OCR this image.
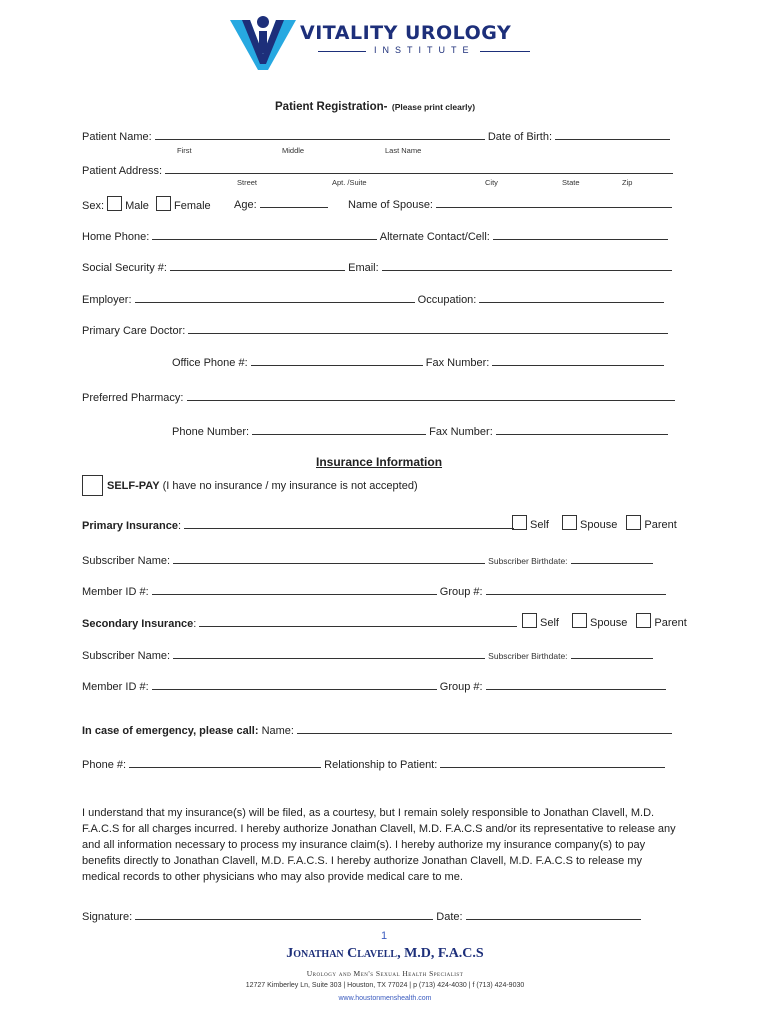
VITALITY UROLOGY
INSTITUTE
Patient Registration- (Please print clearly)
Patient Name:	Date of Birth:
First	Middle	Last Name
Patient Address:
Street	Apt. /Suite	City	State	Zip
Sex: Male Female Age:	Name of Spouse:
Home Phone:	Alternate Contact/Cell:
Social Security #:	Email:
Employer:	Occupation:
Primary Care Doctor:
Office Phone #:	Fax Number:
Preferred Pharmacy:
Phone Number:	Fax Number:
Insurance Information
SELF-PAY (I have no insurance / my insurance is not accepted)
Primary Insurance:	Self	Spouse Parent
Subscriber Name:	Subscriber Birthdate:
Member ID #:	Group #:
Secondary Insurance:	Self	Spouse Parent
Subscriber Name:	Subscriber Birthdate:
Member ID #:	Group #:
In case of emergency, please call: Name:
Phone #:	Relationship to Patient:
I understand that my insurance(s) will be filed, as a courtesy, but I remain solely responsible to Jonathan Clavell, M.D. F.A.C.S for all charges incurred. I hereby authorize Jonathan Clavell, M.D. F.A.C.S and/or its representative to release any and all information necessary to process my insurance claim(s). I hereby authorize my insurance company(s) to pay benefits directly to Jonathan Clavell, M.D. F.A.C.S. I hereby authorize Jonathan Clavell, M.D. F.A.C.S to release my medical records to other physicians who may also provide medical care to me.
Signature:	Date:
1
Jonathan Clavell, M.D, F.A.C.S
Urology and Men's Sexual Health Specialist
12727 Kimberley Ln, Suite 303 | Houston, TX 77024 | p (713) 424-4030 | f (713) 424-9030
www.houstonmenshealth.com
